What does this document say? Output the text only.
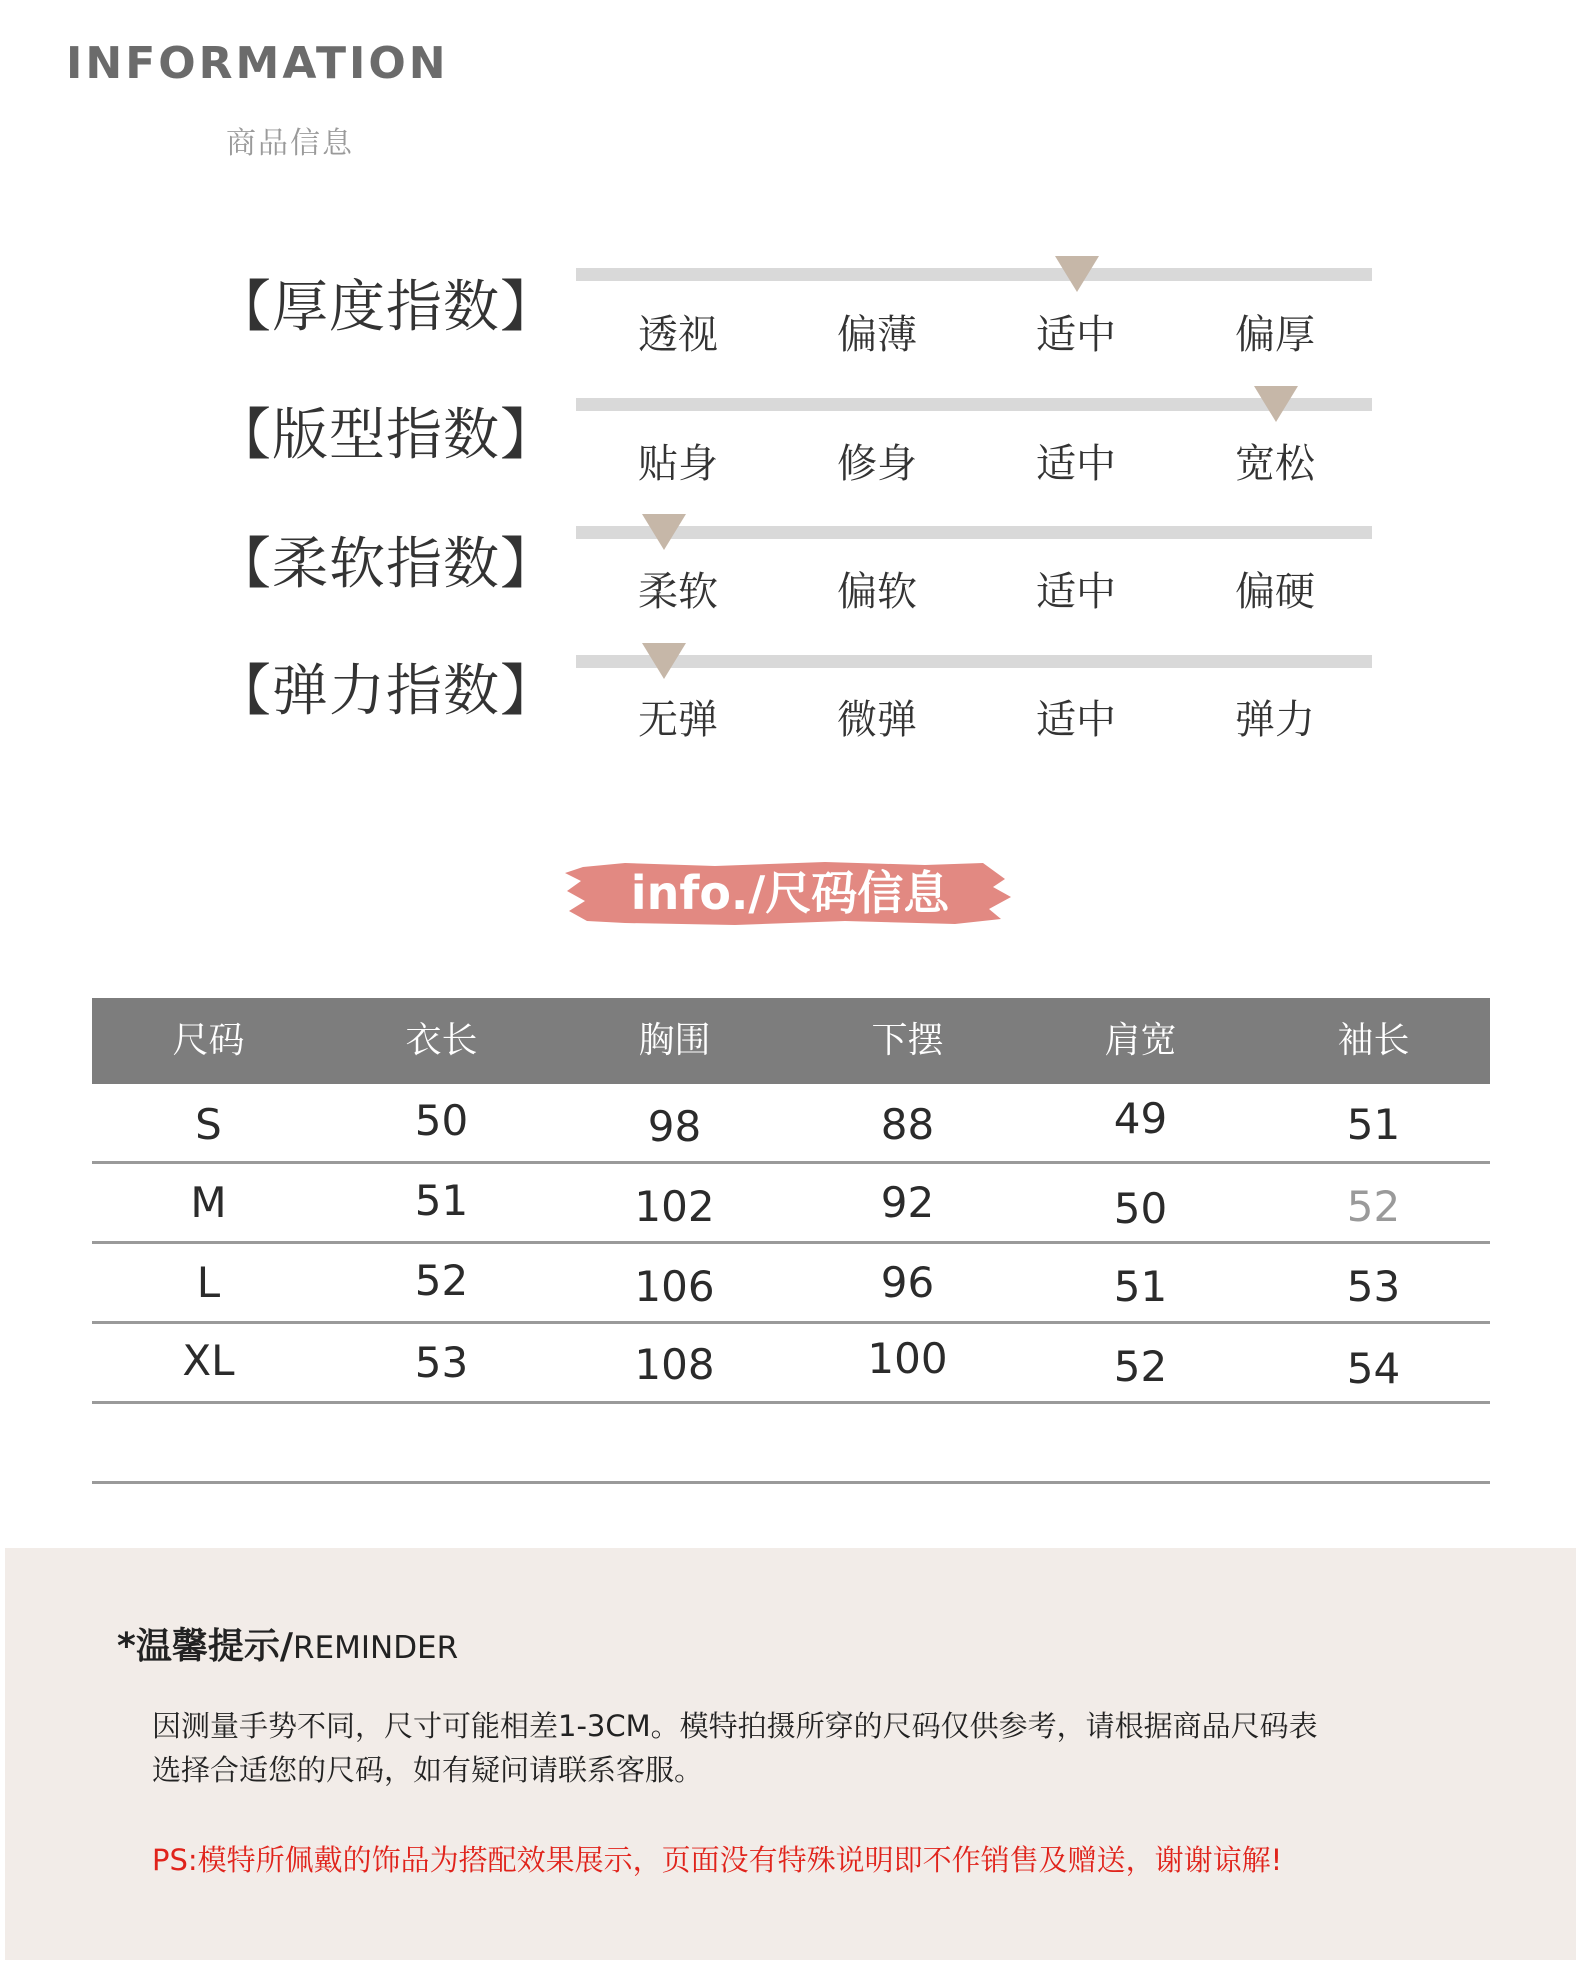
INFORMATION
商品信息
【厚度指数】	透视	偏薄	适中	偏厚
【版型指数】	贴身	修身	适中	宽松
【柔软指数】	柔软	偏软	适中	偏硬
【弹力指数】	无弹	微弹	适中	弹力
info./尺码信息
尺码	衣长	胸围	下摆	肩宽	袖长
S	50	98	88	49	51
M	51	102	92	50	52
L	52	106	96	51	53
XL	53	108	100	52	54
*温馨提示/REMINDER
因测量手势不同，尺寸可能相差1-3CM。模特拍摄所穿的尺码仅供参考，请根据商品尺码表
选择合适您的尺码，如有疑问请联系客服。
PS:模特所佩戴的饰品为搭配效果展示，页面没有特殊说明即不作销售及赠送，谢谢谅解!
